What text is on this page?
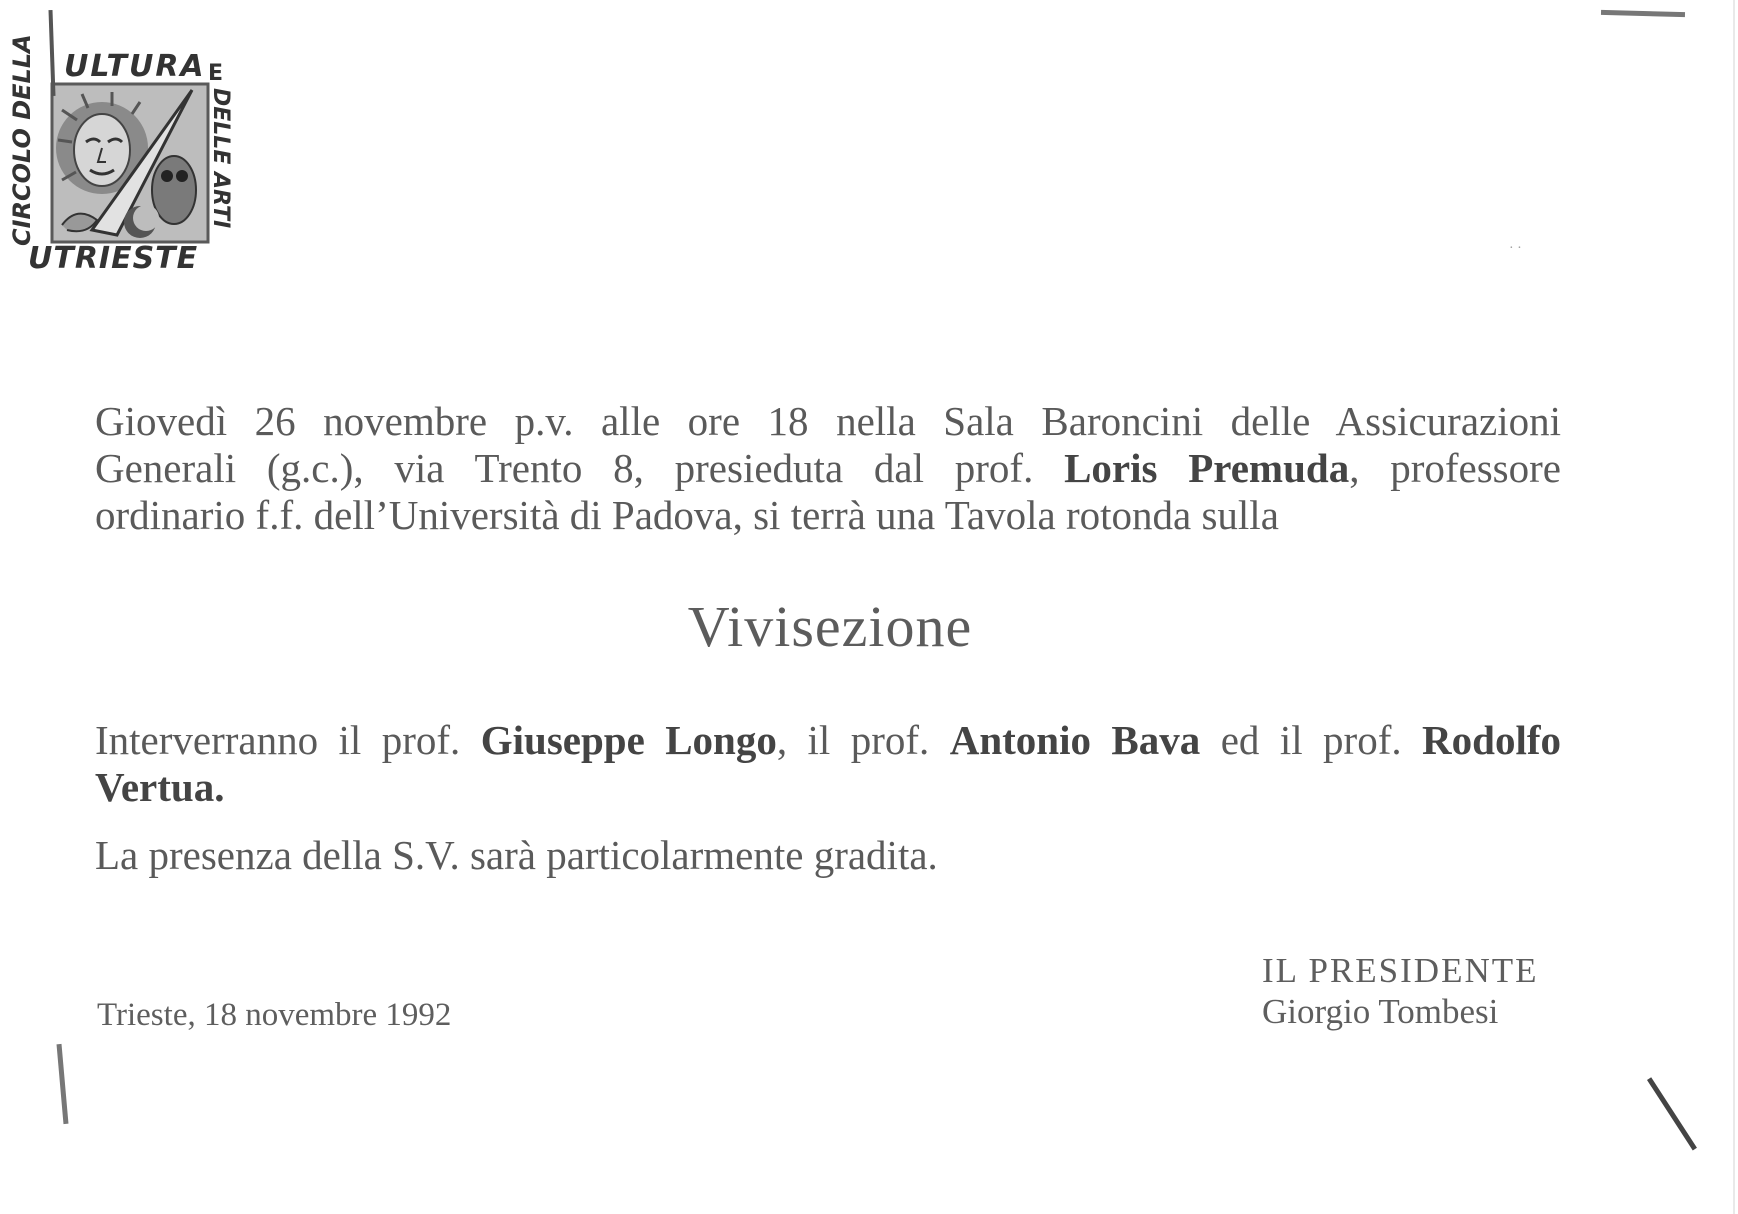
ULTURA E
CIRCOLO DELLA	DELLE ARTI
UTRIESTE	· ·
Giovedì 26 novembre p.v. alle ore 18 nella Sala Baroncini delle Assicurazioni
Generali (g.c.), via Trento 8, presieduta dal prof. Loris Premuda, professore
ordinario f.f. dell’Università di Padova, si terrà una Tavola rotonda sulla
Vivisezione
Interverranno il prof. Giuseppe Longo, il prof. Antonio Bava ed il prof. Rodolfo
Vertua.
La presenza della S.V. sarà particolarmente gradita.
Trieste, 18 novembre 1992
IL PRESIDENTE
Giorgio Tombesi
